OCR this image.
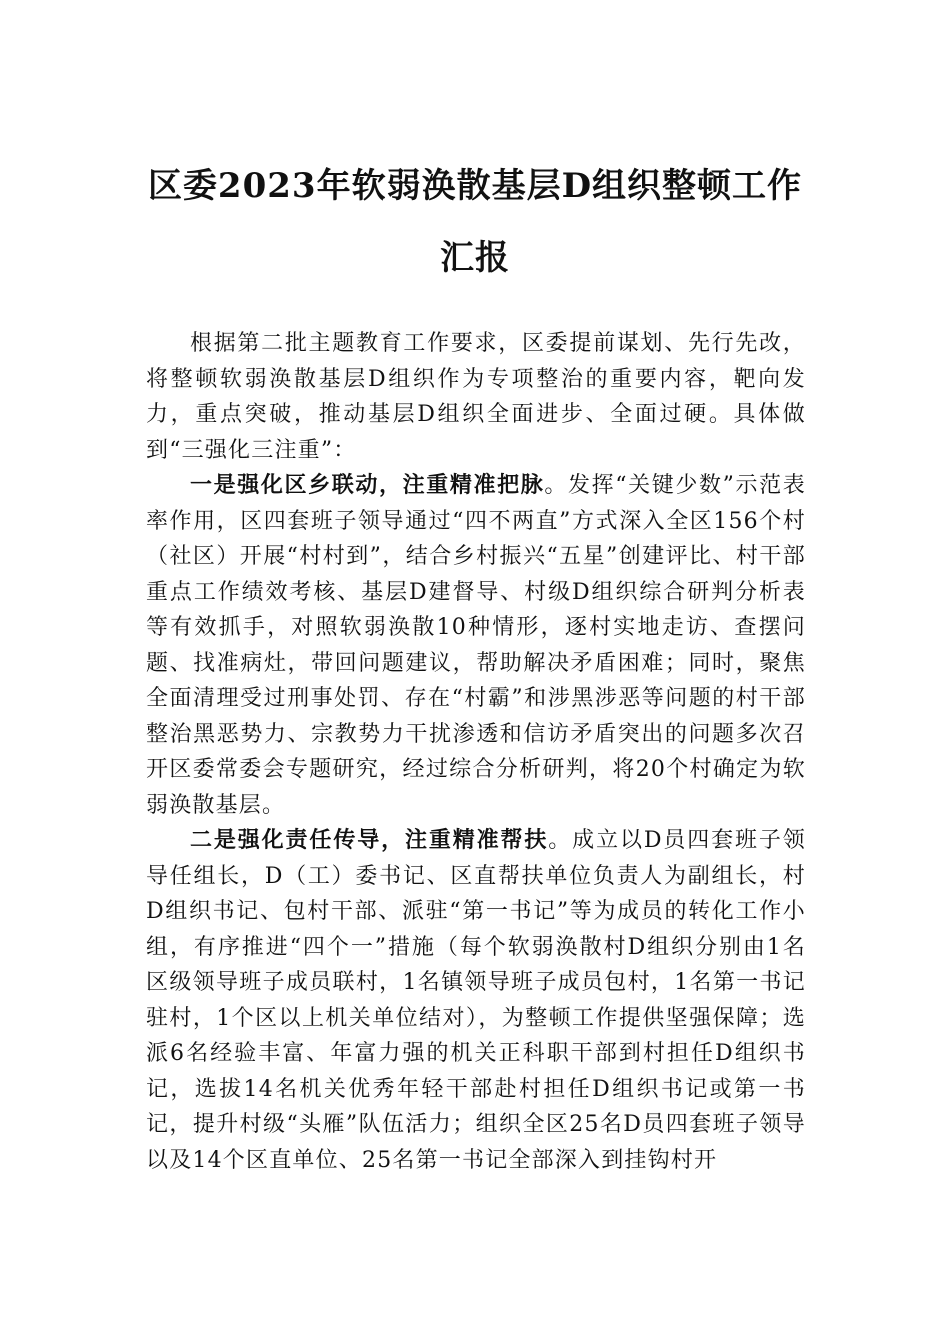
区委2023年软弱涣散基层D组织整顿工作
汇报

根据第二批主题教育工作要求，区委提前谋划、先行先改，将整顿软弱涣散基层D组织作为专项整治的重要内容，靶向发力，重点突破，推动基层D组织全面进步、全面过硬。具体做到“三强化三注重”：

一是强化区乡联动，注重精准把脉。发挥“关键少数”示范表率作用，区四套班子领导通过“四不两直”方式深入全区156个村（社区）开展“村村到”，结合乡村振兴“五星”创建评比、村干部重点工作绩效考核、基层D建督导、村级D组织综合研判分析表等有效抓手，对照软弱涣散10种情形，逐村实地走访、查摆问题、找准病灶，带回问题建议，帮助解决矛盾困难；同时，聚焦全面清理受过刑事处罚、存在“村霸”和涉黑涉恶等问题的村干部整治黑恶势力、宗教势力干扰渗透和信访矛盾突出的问题多次召开区委常委会专题研究，经过综合分析研判，将20个村确定为软弱涣散基层。

二是强化责任传导，注重精准帮扶。成立以D员四套班子领导任组长，D（工）委书记、区直帮扶单位负责人为副组长，村D组织书记、包村干部、派驻“第一书记”等为成员的转化工作小组，有序推进“四个一”措施（每个软弱涣散村D组织分别由1名区级领导班子成员联村，1名镇领导班子成员包村，1名第一书记驻村，1个区以上机关单位结对），为整顿工作提供坚强保障；选派6名经验丰富、年富力强的机关正科职干部到村担任D组织书记，选拔14名机关优秀年轻干部赴村担任D组织书记或第一书记，提升村级“头雁”队伍活力；组织全区25名D员四套班子领导以及14个区直单位、25名第一书记全部深入到挂钩村开
